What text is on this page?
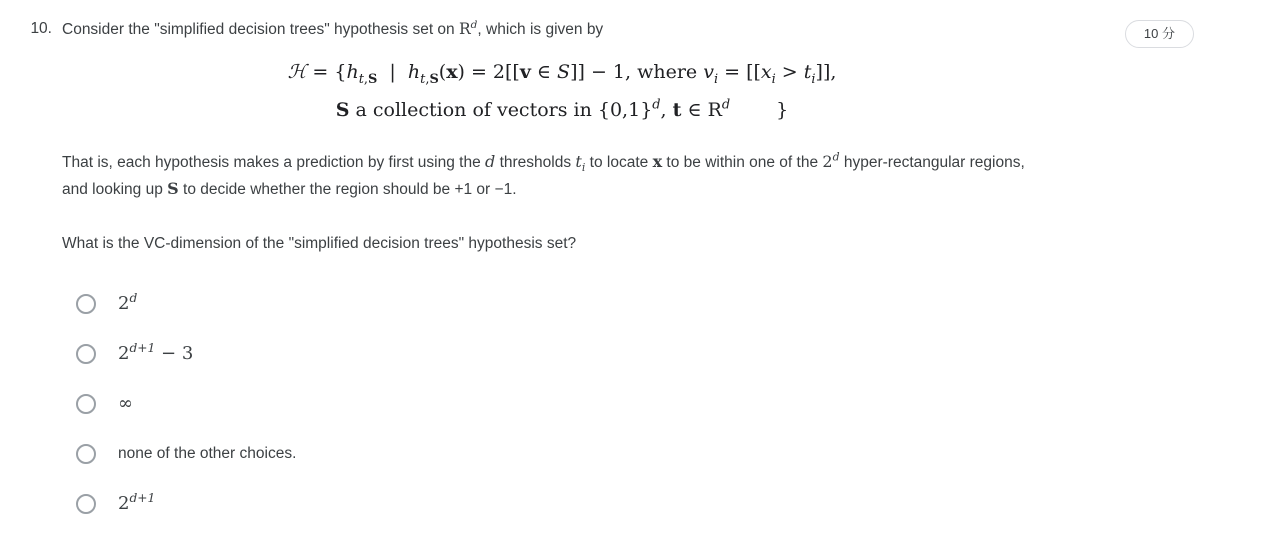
10 分
10. Consider the "simplified decision trees" hypothesis set on $R^d$, which is given by
ℋ = {$h_{t,S}$  |  $h_{t,S}(x) = 2[[v$ ∈ S]] − 1, where $v_i = [[x_i > t_i]]$,
S a collection of vectors in $\{0,1\}^d$, t ∈ $R^d$ }
That is, each hypothesis makes a prediction by first using the d thresholds $t_i$ to locate x to be within one of the 2$^d$ hyper-rectangular regions, and looking up S to decide whether the region should be +1 or −1.
What is the VC-dimension of the "simplified decision trees" hypothesis set?
2$^d$
$2^{d+1} - 3$
∞
none of the other choices.
$2^{d+1}$
